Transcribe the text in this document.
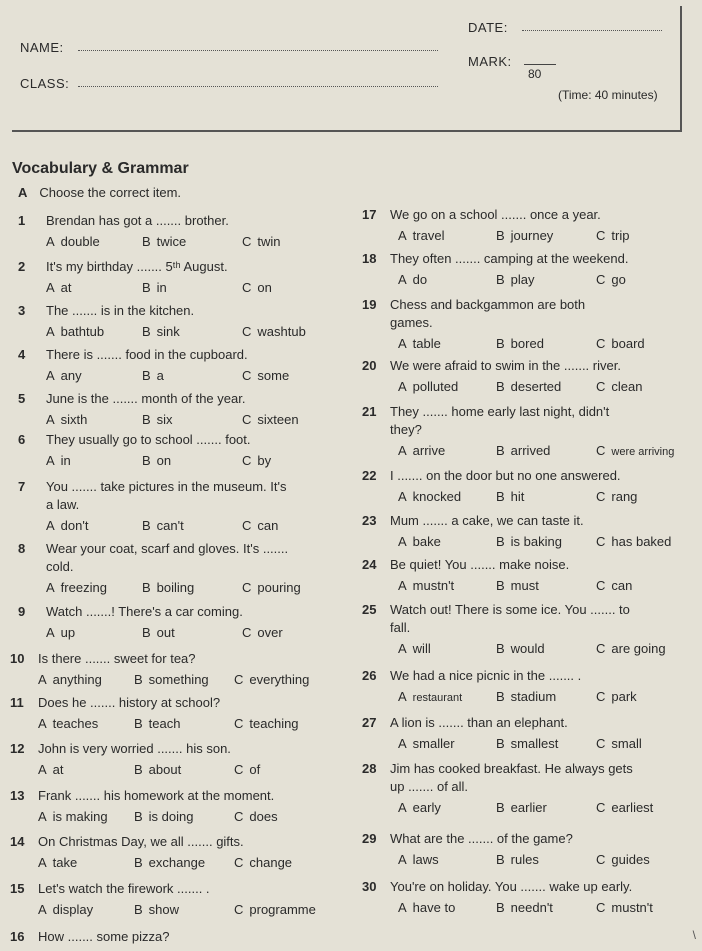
NAME:
CLASS:
DATE:
MARK:
80
(Time: 40 minutes)
Vocabulary & Grammar
A Choose the correct item.
1	Brendan has got a ....... brother.
A double	B twice	C twin
2	It's my birthday ....... 5ᵗʰ August.
A at	B in	C on
3	The ....... is in the kitchen.
A bathtub	B sink	C washtub
4	There is ....... food in the cupboard.
A any	B a	C some
5	June is the ....... month of the year.
A sixth	B six	C sixteen
6	They usually go to school ....... foot.
A in	B on	C by
7	You ....... take pictures in the museum. It's
a law.
A don't	B can't	C can
8	Wear your coat, scarf and gloves. It's .......
cold.
A freezing	B boiling	C pouring
9	Watch .......! There's a car coming.
A up	B out	C over
10	Is there ....... sweet for tea?
A anything B something C everything
11	Does he ....... history at school?
A teaches	B teach	C teaching
12	John is very worried ....... his son.
A at	B about	C of
13	Frank ....... his homework at the moment.
A is making B is doing	C does
14	On Christmas Day, we all ....... gifts.
A take	B exchange C change
15	Let's watch the firework ....... .
A display	B show	C programme
16	How ....... some pizza?
17	We go on a school ....... once a year.
A travel	B journey	C trip
18	They often ....... camping at the weekend.
A do	B play	C go
19	Chess and backgammon are both
games.
A table	B bored	C board
20	We were afraid to swim in the ....... river.
A polluted	B deserted	C clean
21	They ....... home early last night, didn't
they?
A arrive	B arrived	C were arriving
22	I ....... on the door but no one answered.
A knocked	B hit	C rang
23	Mum ....... a cake, we can taste it.
A bake	B is baking	C has baked
24	Be quiet! You ....... make noise.
A mustn't	B must	C can
25	Watch out! There is some ice. You ....... to
fall.
A will	B would	C are going
26	We had a nice picnic in the ....... .
A restaurant	B stadium	C park
27	A lion is ....... than an elephant.
A smaller	B smallest	C small
28	Jim has cooked breakfast. He always gets
up ....... of all.
A early	B earlier	C earliest
29	What are the ....... of the game?
A laws	B rules	C guides
30	You're on holiday. You ....... wake up early.
A have to	B needn't	C mustn't
\
